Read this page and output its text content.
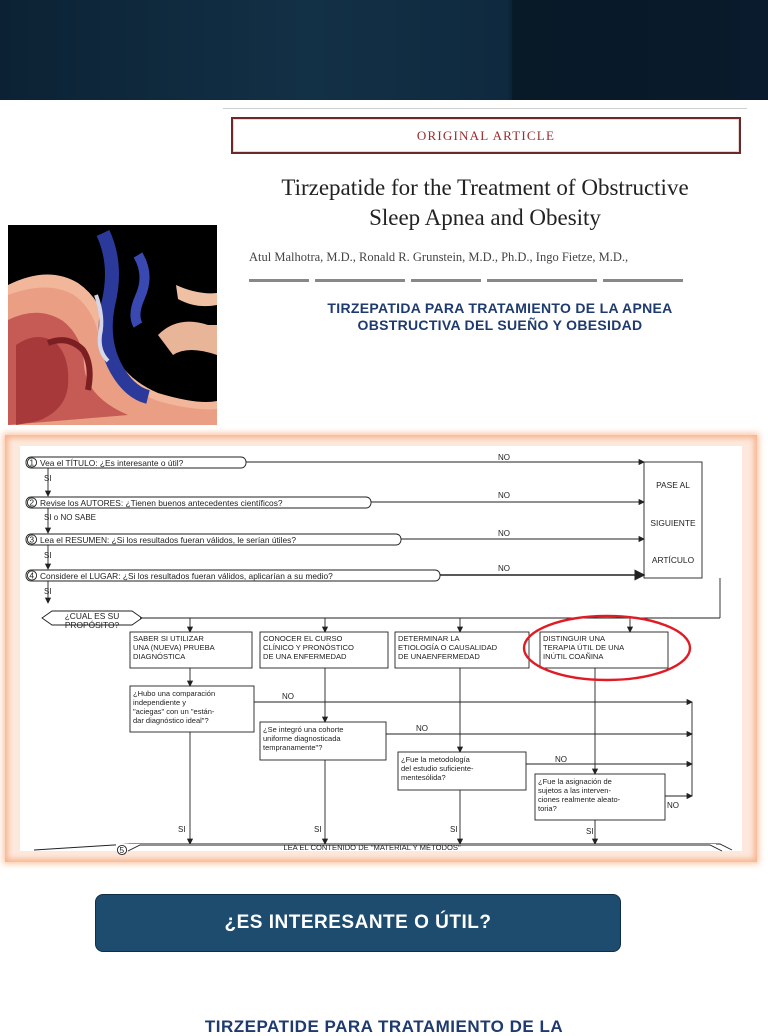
ORIGINAL ARTICLE
Tirzepatide for the Treatment of Obstructive
Sleep Apnea and Obesity
Atul Malhotra, M.D., Ronald R. Grunstein, M.D., Ph.D., Ingo Fietze, M.D.,
TIRZEPATIDA PARA TRATAMIENTO DE LA APNEA
OBSTRUCTIVA DEL SUEÑO Y OBESIDAD
1
2
3
4
5
Vea el TÍTULO: ¿Es interesante o útil?
Revise los AUTORES: ¿Tienen buenos antecedentes científicos?
Lea el RESUMEN: ¿Si los resultados fueran válidos, le serían útiles?
Considere el LUGAR: ¿Si los resultados fueran válidos, aplicarían a su medio?
SI
SI o NO SABE
SI
SI
NO
NO
NO
NO
NO
NO
NO
NO
SI	SI	SI	SI
PASE AL
SIGUIENTE
ARTÍCULO
¿CUAL ES SU
PROPÓSITO?
SABER SI UTILIZAR
UNA (NUEVA) PRUEBA
DIAGNÓSTICA
CONOCER EL CURSO
CLÍNICO Y PRONÓSTICO
DE UNA ENFERMEDAD
DETERMINAR LA
ETIOLOGÍA O CAUSALIDAD
DE UNAENFERMEDAD
DISTINGUIR UNA
TERAPIA ÚTIL DE UNA
INÚTIL COAÑINA
¿Hubo una comparación
independiente y
"aciegas" con un "están-
dar diagnóstico ideal"?
¿Se integró una cohorte
uniforme diagnosticada
tempranamente"?
¿Fue la metodología
del estudio suficiente-
mentesólida?	¿Fue la asignación de
sujetos a las interven-
ciones realmente aleato-
toria?
LEA EL CONTENIDO DE "MATERIAL Y MÉTODOS"
¿ES INTERESANTE O ÚTIL?
TIRZEPATIDE PARA TRATAMIENTO DE LA
